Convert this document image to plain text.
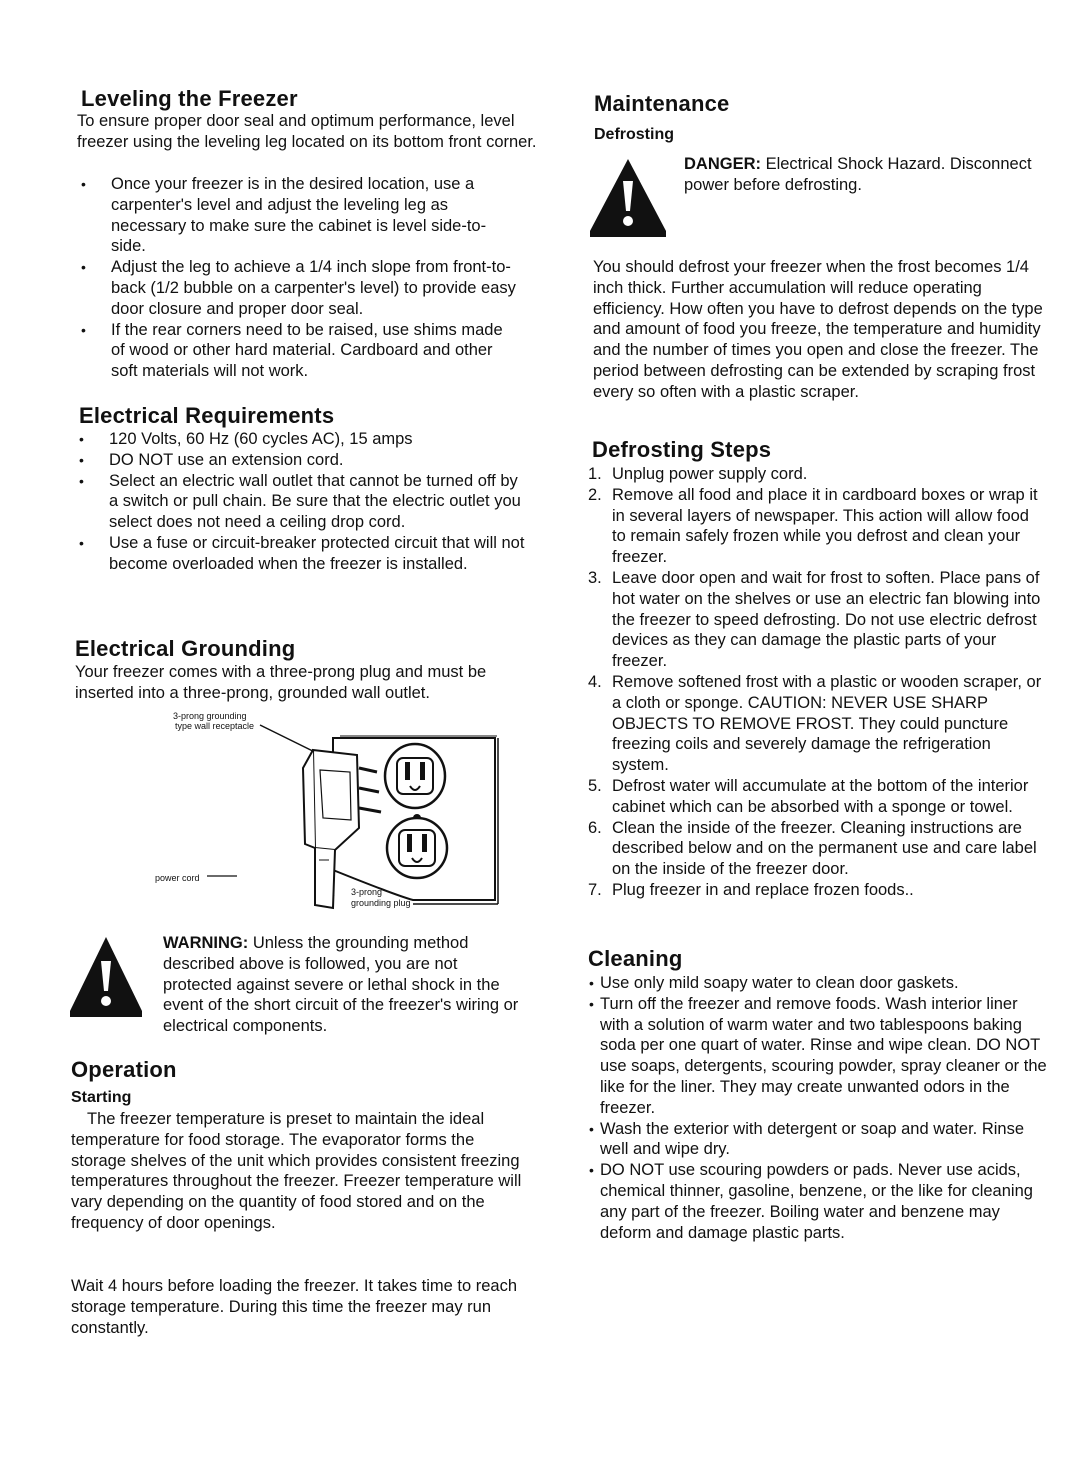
Leveling the Freezer

To ensure proper door seal and optimum performance, level freezer using the leveling leg located on its bottom front corner.

• Once your freezer is in the desired location, use a carpenter's level and adjust the leveling leg as necessary to make sure the cabinet is level side-to-side.
• Adjust the leg to achieve a 1/4 inch slope from front-to-back (1/2 bubble on a carpenter's level) to provide easy door closure and proper door seal.
• If the rear corners need to be raised, use shims made of wood or other hard material. Cardboard and other soft materials will not work.
Electrical Requirements
• 120 Volts, 60 Hz (60 cycles AC), 15 amps
• DO NOT use an extension cord.
• Select an electric wall outlet that cannot be turned off by a switch or pull chain. Be sure that the electric outlet you select does not need a ceiling drop cord.
• Use a fuse or circuit-breaker protected circuit that will not become overloaded when the freezer is installed.
Electrical Grounding

Your freezer comes with a three-prong plug and must be inserted into a three-prong, grounded wall outlet.

3-prong grounding
type wall receptacle
power cord
3-prong
grounding plug

WARNING: Unless the grounding method described above is followed, you are not protected against severe or lethal shock in the event of the short circuit of the freezer's wiring or electrical components.

Operation
Starting

The freezer temperature is preset to maintain the ideal temperature for food storage. The evaporator forms the storage shelves of the unit which provides consistent freezing temperatures throughout the freezer. Freezer temperature will vary depending on the quantity of food stored and on the frequency of door openings.

Wait 4 hours before loading the freezer. It takes time to reach storage temperature. During this time the freezer may run constantly.

Maintenance
Defrosting

DANGER: Electrical Shock Hazard. Disconnect power before defrosting.

You should defrost your freezer when the frost becomes 1/4 inch thick. Further accumulation will reduce operating efficiency. How often you have to defrost depends on the type and amount of food you freeze, the temperature and humidity and the number of times you open and close the freezer. The period between defrosting can be extended by scraping frost every so often with a plastic scraper.

Defrosting Steps
1. Unplug power supply cord.
2. Remove all food and place it in cardboard boxes or wrap it in several layers of newspaper. This action will allow food to remain safely frozen while you defrost and clean your freezer.
3. Leave door open and wait for frost to soften. Place pans of hot water on the shelves or use an electric fan blowing into the freezer to speed defrosting. Do not use electric defrost devices as they can damage the plastic parts of your freezer.
4. Remove softened frost with a plastic or wooden scraper, or a cloth or sponge. CAUTION: NEVER USE SHARP OBJECTS TO REMOVE FROST. They could puncture freezing coils and severely damage the refrigeration system.
5. Defrost water will accumulate at the bottom of the interior cabinet which can be absorbed with a sponge or towel.
6. Clean the inside of the freezer. Cleaning instructions are described below and on the permanent use and care label on the inside of the freezer door.
7. Plug freezer in and replace frozen foods..
Cleaning
• Use only mild soapy water to clean door gaskets.
• Turn off the freezer and remove foods. Wash interior liner with a solution of warm water and two tablespoons baking soda per one quart of water. Rinse and wipe clean. DO NOT use soaps, detergents, scouring powder, spray cleaner or the like for the liner. They may create unwanted odors in the freezer.
• Wash the exterior with detergent or soap and water. Rinse well and wipe dry.
• DO NOT use scouring powders or pads. Never use acids, chemical thinner, gasoline, benzene, or the like for cleaning any part of the freezer. Boiling water and benzene may deform and damage plastic parts.
